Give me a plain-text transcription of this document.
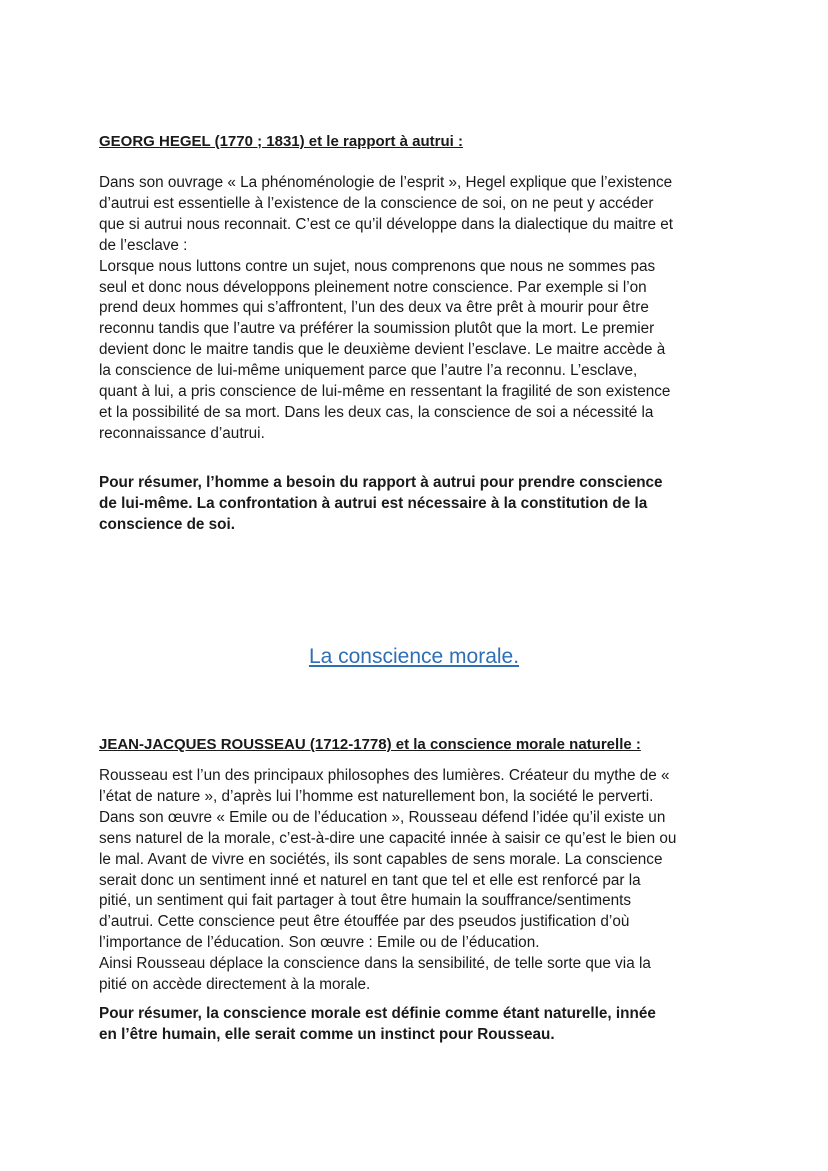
GEORG HEGEL (1770 ; 1831) et le rapport à autrui :
Dans son ouvrage « La phénoménologie de l’esprit », Hegel explique que l’existence
d’autrui est essentielle à l’existence de la conscience de soi, on ne peut y accéder
que si autrui nous reconnait. C’est ce qu’il développe dans la dialectique du maitre et
de l’esclave :
Lorsque nous luttons contre un sujet, nous comprenons que nous ne sommes pas
seul et donc nous développons pleinement notre conscience. Par exemple si l’on
prend deux hommes qui s’affrontent, l’un des deux va être prêt à mourir pour être
reconnu tandis que l’autre va préférer la soumission plutôt que la mort. Le premier
devient donc le maitre tandis que le deuxième devient l’esclave. Le maitre accède à
la conscience de lui-même uniquement parce que l’autre l’a reconnu. L’esclave,
quant à lui, a pris conscience de lui-même en ressentant la fragilité de son existence
et la possibilité de sa mort. Dans les deux cas, la conscience de soi a nécessité la
reconnaissance d’autrui.
Pour résumer, l’homme a besoin du rapport à autrui pour prendre conscience
de lui-même. La confrontation à autrui est nécessaire à la constitution de la
conscience de soi.
La conscience morale.
JEAN-JACQUES ROUSSEAU (1712-1778) et la conscience morale naturelle :
Rousseau est l’un des principaux philosophes des lumières. Créateur du mythe de «
l’état de nature », d’après lui l’homme est naturellement bon, la société le perverti.
Dans son œuvre « Emile ou de l’éducation », Rousseau défend l’idée qu’il existe un
sens naturel de la morale, c’est-à-dire une capacité innée à saisir ce qu’est le bien ou
le mal. Avant de vivre en sociétés, ils sont capables de sens morale. La conscience
serait donc un sentiment inné et naturel en tant que tel et elle est renforcé par la
pitié, un sentiment qui fait partager à tout être humain la souffrance/sentiments
d’autrui. Cette conscience peut être étouffée par des pseudos justification d’où
l’importance de l’éducation. Son œuvre : Emile ou de l’éducation.
Ainsi Rousseau déplace la conscience dans la sensibilité, de telle sorte que via la
pitié on accède directement à la morale.
Pour résumer, la conscience morale est définie comme étant naturelle, innée
en l’être humain, elle serait comme un instinct pour Rousseau.
